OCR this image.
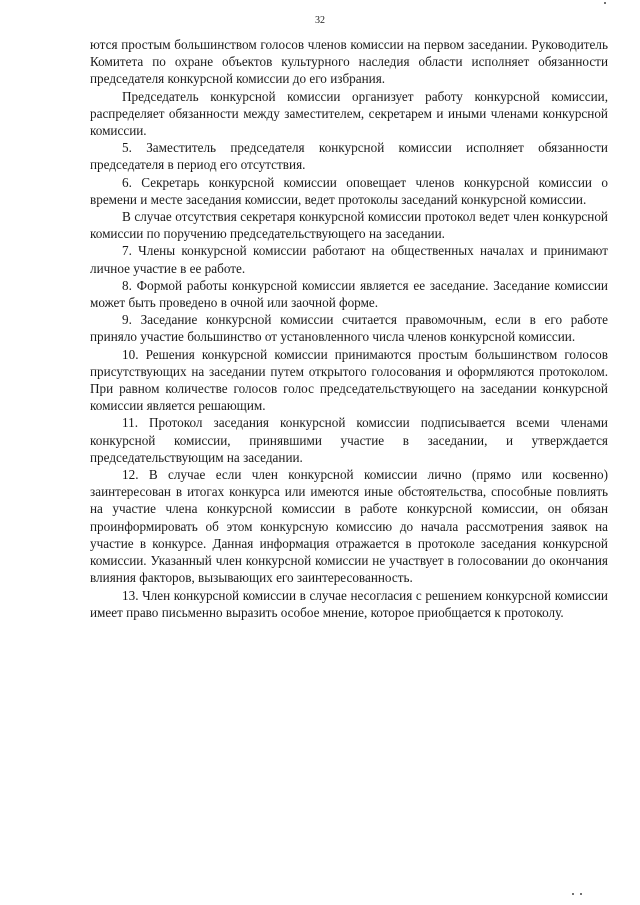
32

ются простым большинством голосов членов комиссии на первом заседании. Руководитель Комитета по охране объектов культурного наследия области исполняет обязанности председателя конкурсной комиссии до его избрания.

Председатель конкурсной комиссии организует работу конкурсной комиссии, распределяет обязанности между заместителем, секретарем и иными членами конкурсной комиссии.

5. Заместитель председателя конкурсной комиссии исполняет обязанности председателя в период его отсутствия.

6. Секретарь конкурсной комиссии оповещает членов конкурсной комиссии о времени и месте заседания комиссии, ведет протоколы заседаний конкурсной комиссии.

В случае отсутствия секретаря конкурсной комиссии протокол ведет член конкурсной комиссии по поручению председательствующего на заседании.

7. Члены конкурсной комиссии работают на общественных началах и принимают личное участие в ее работе.

8. Формой работы конкурсной комиссии является ее заседание. Заседание комиссии может быть проведено в очной или заочной форме.

9. Заседание конкурсной комиссии считается правомочным, если в его работе приняло участие большинство от установленного числа членов конкурсной комиссии.

10. Решения конкурсной комиссии принимаются простым большинством голосов присутствующих на заседании путем открытого голосования и оформляются протоколом. При равном количестве голосов голос председательствующего на заседании конкурсной комиссии является решающим.

11. Протокол заседания конкурсной комиссии подписывается всеми членами конкурсной комиссии, принявшими участие в заседании, и утверждается председательствующим на заседании.

12. В случае если член конкурсной комиссии лично (прямо или косвенно) заинтересован в итогах конкурса или имеются иные обстоятельства, способные повлиять на участие члена конкурсной комиссии в работе конкурсной комиссии, он обязан проинформировать об этом конкурсную комиссию до начала рассмотрения заявок на участие в конкурсе. Данная информация отражается в протоколе заседания конкурсной комиссии. Указанный член конкурсной комиссии не участвует в голосовании до окончания влияния факторов, вызывающих его заинтересованность.

13. Член конкурсной комиссии в случае несогласия с решением конкурсной комиссии имеет право письменно выразить особое мнение, которое приобщается к протоколу.
